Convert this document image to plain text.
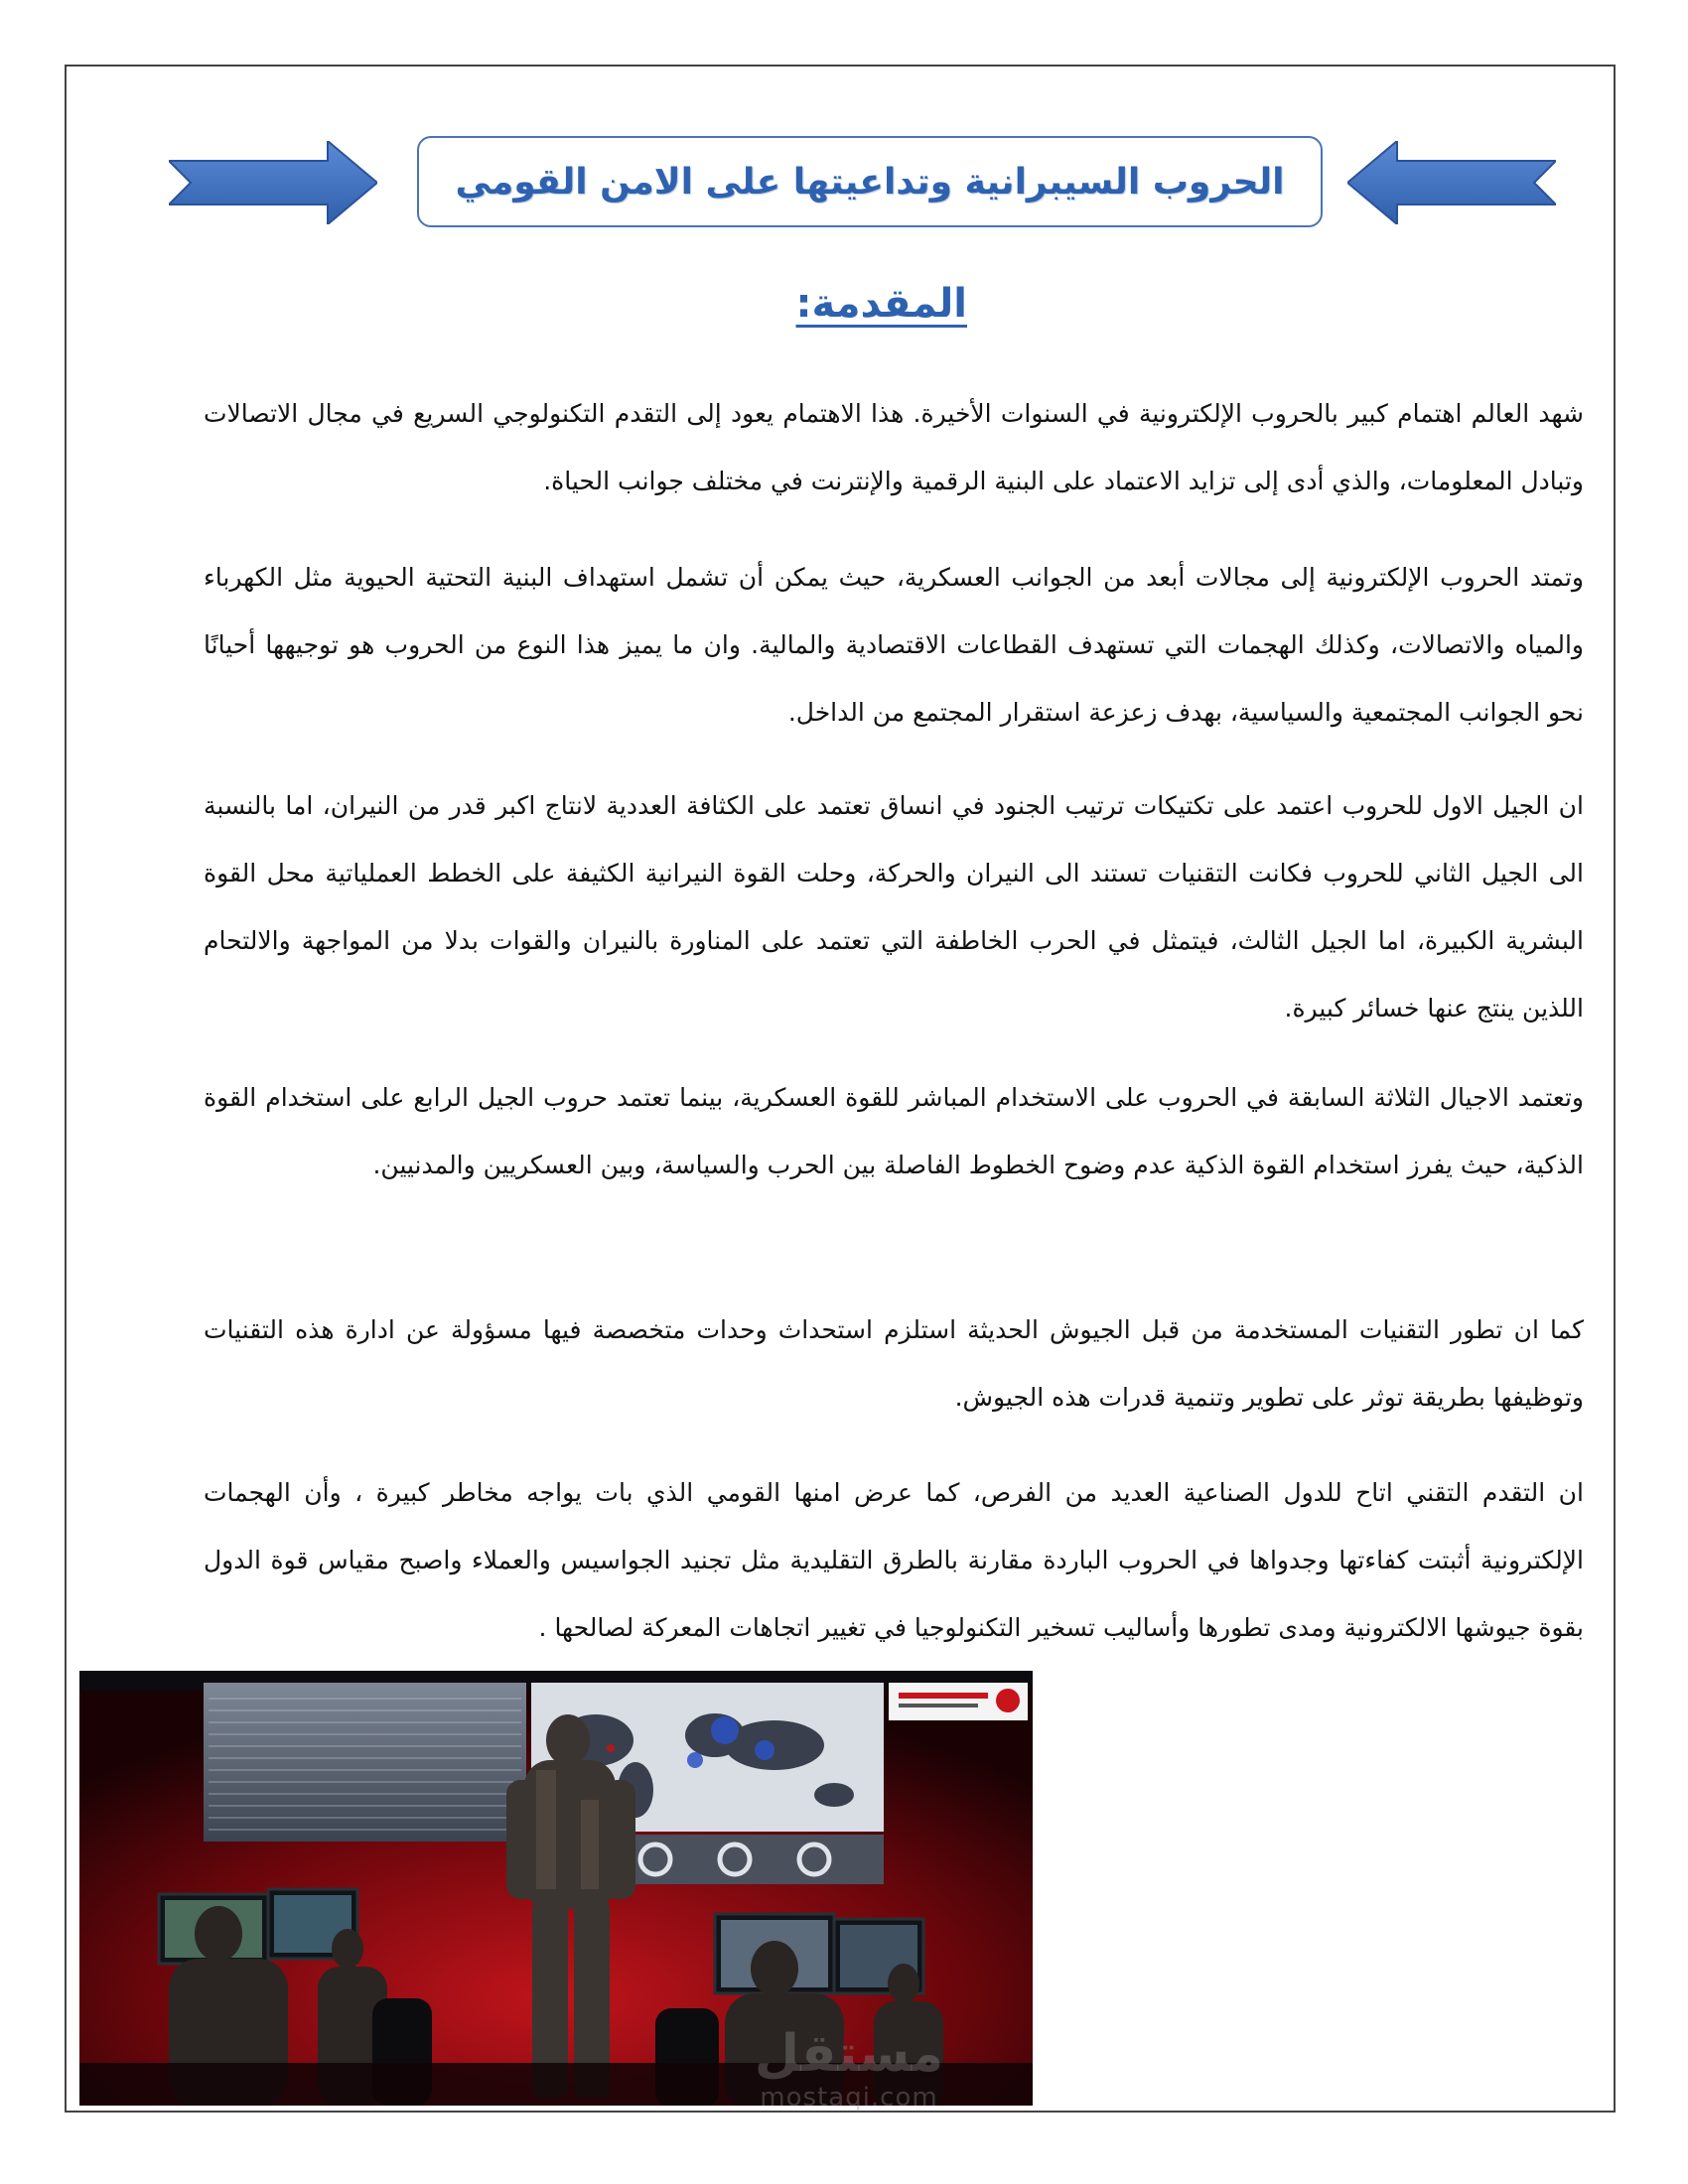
الحروب السيبرانية وتداعيتها على الامن القومي
المقدمة:

شهد العالم اهتمام كبير بالحروب الإلكترونية في السنوات الأخيرة. هذا الاهتمام يعود إلى التقدم التكنولوجي السريع في مجال الاتصالات وتبادل المعلومات، والذي أدى إلى تزايد الاعتماد على البنية الرقمية والإنترنت في مختلف جوانب الحياة.

وتمتد الحروب الإلكترونية إلى مجالات أبعد من الجوانب العسكرية، حيث يمكن أن تشمل استهداف البنية التحتية الحيوية مثل الكهرباء والمياه والاتصالات، وكذلك الهجمات التي تستهدف القطاعات الاقتصادية والمالية. وان ما يميز هذا النوع من الحروب هو توجيهها أحيانًا نحو الجوانب المجتمعية والسياسية، بهدف زعزعة استقرار المجتمع من الداخل.

ان الجيل الاول للحروب اعتمد على تكتيكات ترتيب الجنود في انساق تعتمد على الكثافة العددية لانتاج اكبر قدر من النيران، اما بالنسبة الى الجيل الثاني للحروب فكانت التقنيات تستند الى النيران والحركة، وحلت القوة النيرانية الكثيفة على الخطط العملياتية محل القوة البشرية الكبيرة، اما الجيل الثالث، فيتمثل في الحرب الخاطفة التي تعتمد على المناورة بالنيران والقوات بدلا من المواجهة والالتحام اللذين ينتج عنها خسائر كبيرة.

وتعتمد الاجيال الثلاثة السابقة في الحروب على الاستخدام المباشر للقوة العسكرية، بينما تعتمد حروب الجيل الرابع على استخدام القوة الذكية، حيث يفرز استخدام القوة الذكية عدم وضوح الخطوط الفاصلة بين الحرب والسياسة، وبين العسكريين والمدنيين.

كما ان تطور التقنيات المستخدمة من قبل الجيوش الحديثة استلزم استحداث وحدات متخصصة فيها مسؤولة عن ادارة هذه التقنيات وتوظيفها بطريقة توثر على تطوير وتنمية قدرات هذه الجيوش.

ان التقدم التقني اتاح للدول الصناعية العديد من الفرص، كما عرض امنها القومي الذي بات يواجه مخاطر كبيرة ، وأن الهجمات الإلكترونية أثبتت كفاءتها وجدواها في الحروب الباردة مقارنة بالطرق التقليدية مثل تجنيد الجواسيس والعملاء واصبح مقياس قوة الدول بقوة جيوشها الالكترونية ومدى تطورها وأساليب تسخير التكنولوجيا في تغيير اتجاهات المعركة لصالحها .

مستقل
mostaqi.com
